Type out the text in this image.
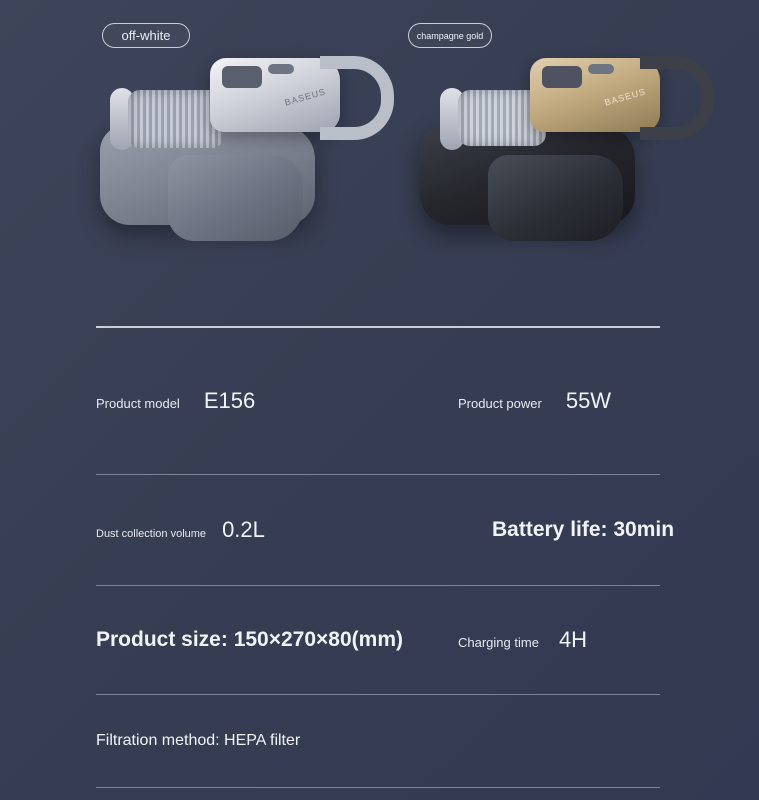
off-white
BASEUS
champagne gold
BASEUS
Product model E156	Product power 55W
Dust collection volume 0.2L	Battery life: 30min
Product size: 150×270×80(mm)	Charging time 4H
Filtration method: HEPA filter
